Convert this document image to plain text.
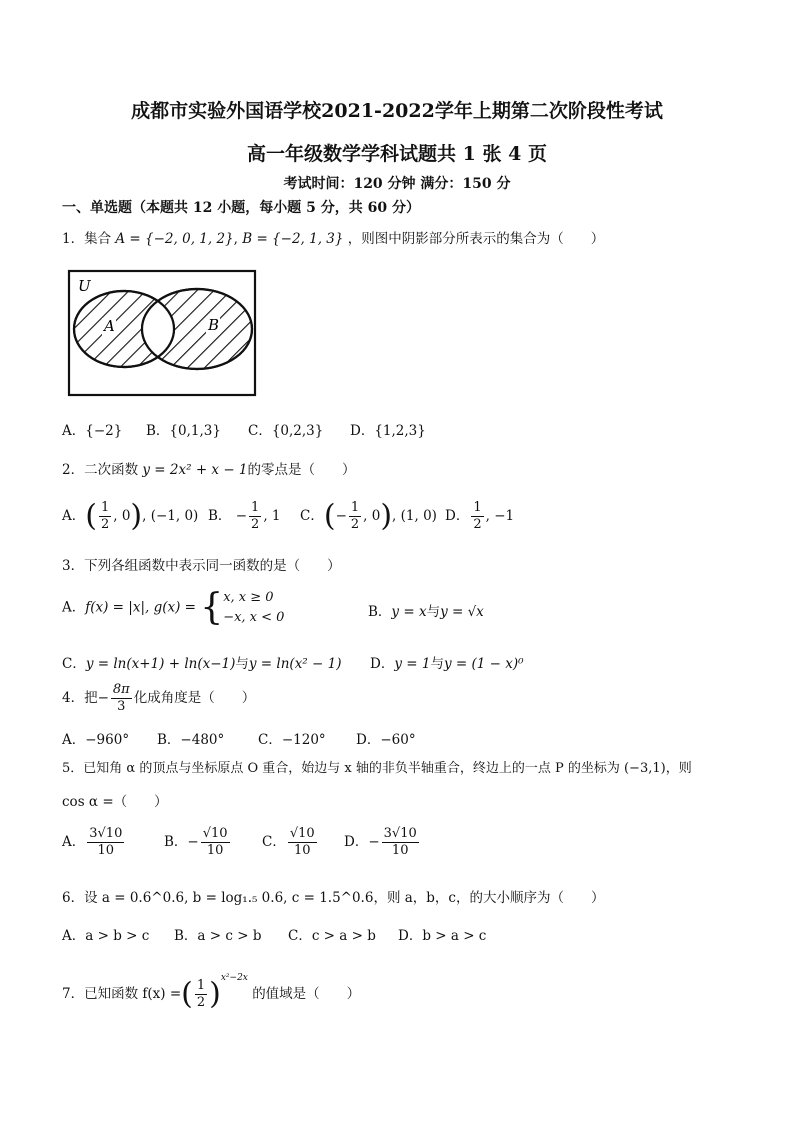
成都市实验外国语学校2021-2022学年上期第二次阶段性考试
高一年级数学学科试题共 1 张 4 页
考试时间：120 分钟 满分：150 分
一、单选题（本题共 12 小题，每小题 5 分，共 60 分）
1．集合 A = {−2, 0, 1, 2}, B = {−2, 1, 3} ，则图中阴影部分所表示的集合为（　　）
U
A	B
A．{−2} B．{0,1,3} C．{0,2,3} D．{1,2,3}
2．二次函数 y = 2x² + x − 1的零点是（　　）
A．( $\frac{1}{2}$ , 0), (−1, 0) B． − $\frac{1}{2}$ , 1 C．(− $\frac{1}{2}$ , 0), (1, 0) D． $\frac{1}{2}$ , −1
3．下列各组函数中表示同一函数的是（　　）
A．f(x) = |x|, g(x) = {x, x ≥ 0
−x, x < 0	B．y = x与y = √x
C．y = ln(x+1) + ln(x−1)与y = ln(x² − 1) D．y = 1与y = (1 − x)⁰
4．把− $\frac{8\pi}{3}$ 化成角度是（　　）
A．−960° B．−480°	C．−120° D．−60°
5．已知角 α 的顶点与坐标原点 O 重合，始边与 x 轴的非负半轴重合，终边上的一点 P 的坐标为 (−3,1)，则
cos α =（　　）
A． $\frac{3√10}{10}$	B．− $\frac{√10}{10}$ C． $\frac{√10}{10}$ D．− $\frac{3√10}{10}$
6．设 a = 0.6^0.6, b = log₁.₅ 0.6, c = 1.5^0.6，则 a，b，c，的大小顺序为（　　）
A．a > b > c B．a > c > b C．c > a > b D．b > a > c
7．已知函数 f(x) =( $\frac{1}{2} )^{x^2-2x}$ 的值域是（　　）
